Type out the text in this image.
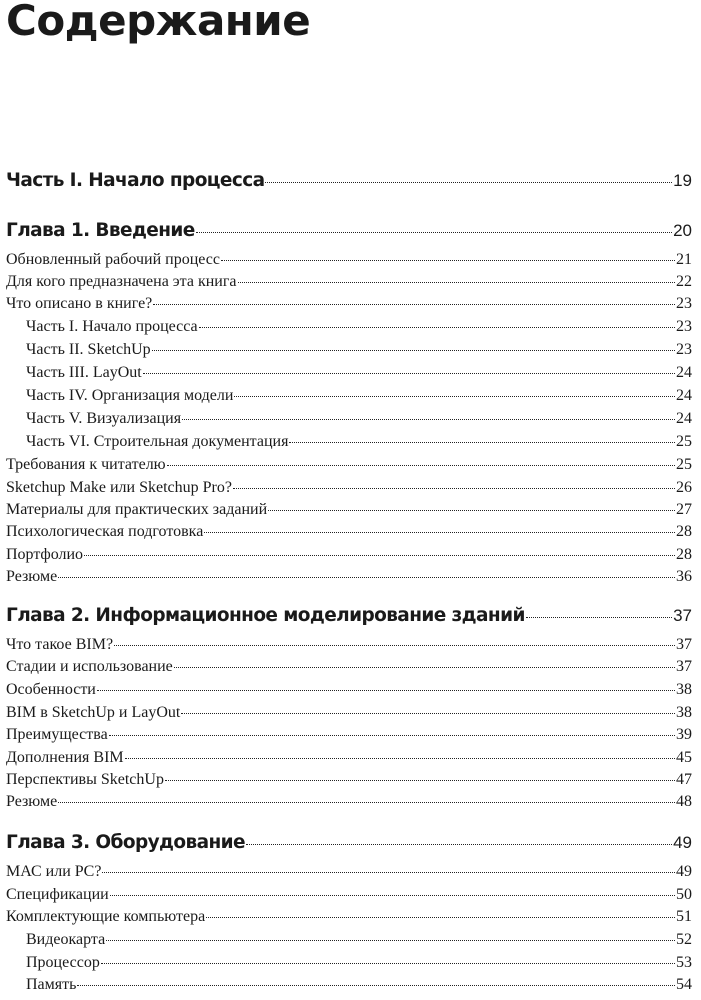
Содержание
Часть I. Начало процесса	19
Глава 1. Введение	20
Обновленный рабочий процесс	21
Для кого предназначена эта книга	22
Что описано в книге?	23
Часть I. Начало процесса	23
Часть II. SketchUp	23
Часть III. LayOut	24
Часть IV. Организация модели	24
Часть V. Визуализация	24
Часть VI. Строительная документация	25
Требования к читателю	25
Sketchup Make или Sketchup Pro?	26
Материалы для практических заданий	27
Психологическая подготовка	28
Портфолио	28
Резюме	36
Глава 2. Информационное моделирование зданий	37
Что такое BIM?	37
Стадии и использование	37
Особенности	38
BIM в SketchUp и LayOut	38
Преимущества	39
Дополнения BIM	45
Перспективы SketchUp	47
Резюме	48
Глава 3. Оборудование	49
МАС или PC?	49
Спецификации	50
Комплектующие компьютера	51
Видеокарта	52
Процессор	53
Память	54
